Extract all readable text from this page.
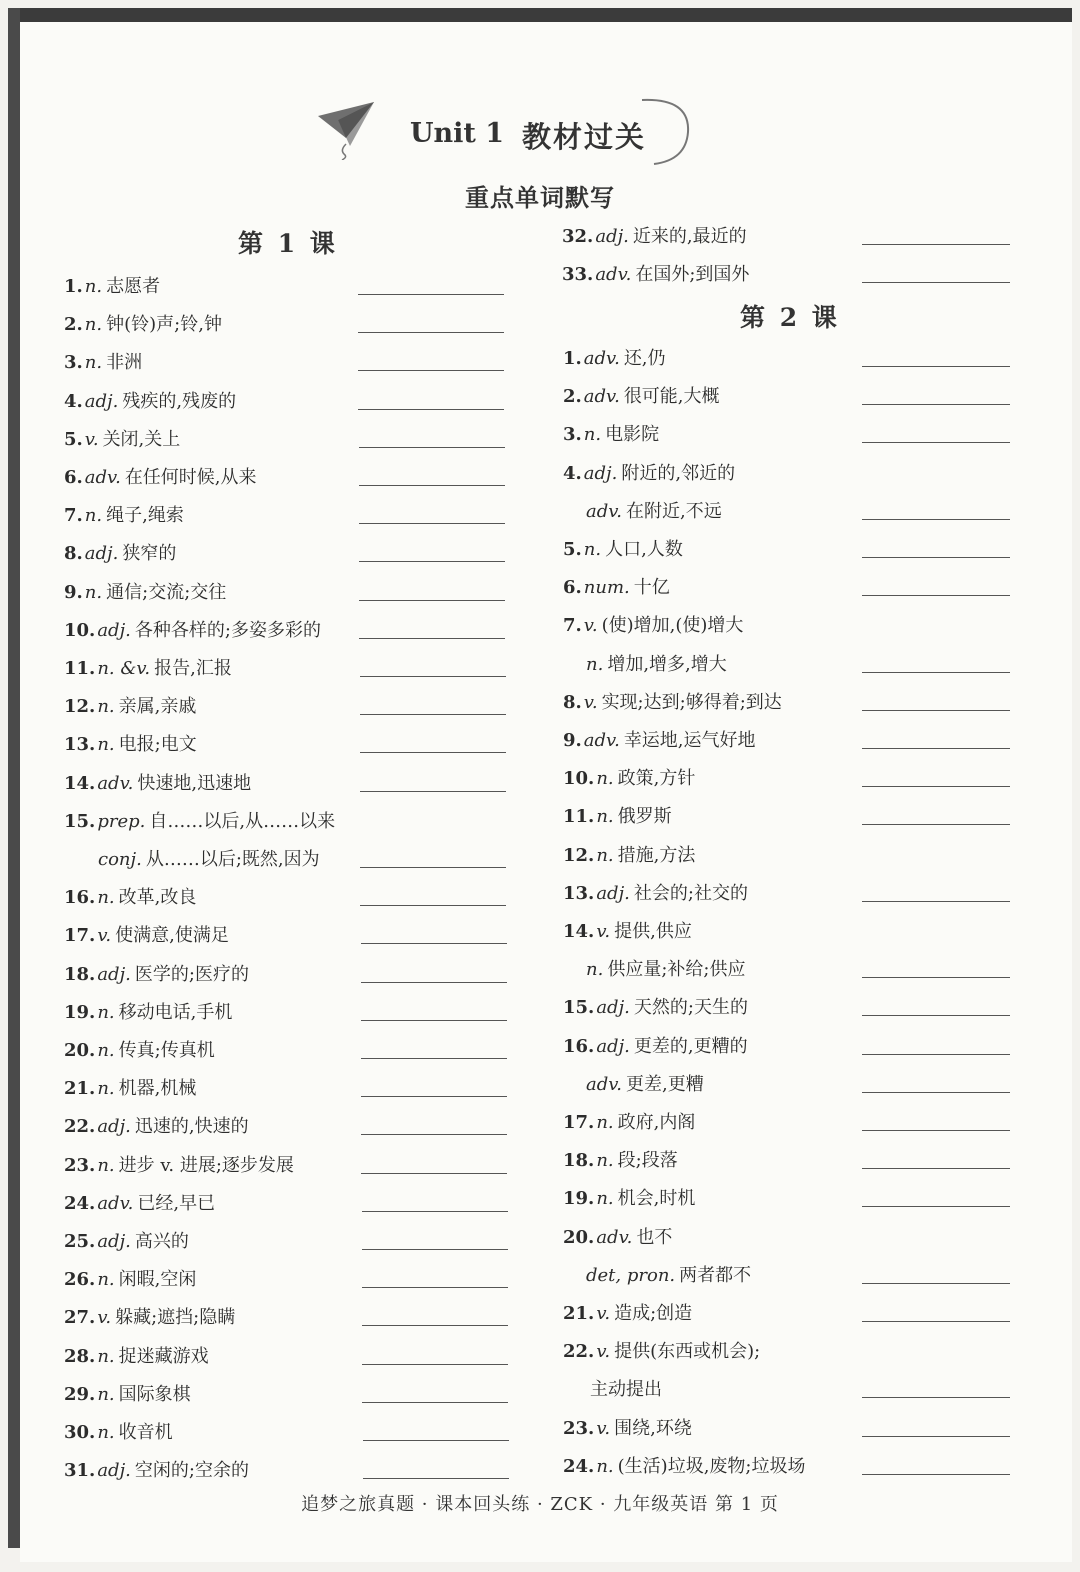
Unit 1 教材过关
重点单词默写
第 1 课
1. n. 志愿者
2. n. 钟(铃)声;铃,钟
3. n. 非洲
4. adj. 残疾的,残废的
5. v. 关闭,关上
6. adv. 在任何时候,从来
7. n. 绳子,绳索
8. adj. 狭窄的
9. n. 通信;交流;交往
10. adj. 各种各样的;多姿多彩的
11. n. &v. 报告,汇报
12. n. 亲属,亲戚
13. n. 电报;电文
14. adv. 快速地,迅速地
15. prep. 自……以后,从……以来
conj. 从……以后;既然,因为
16. n. 改革,改良
17. v. 使满意,使满足
18. adj. 医学的;医疗的
19. n. 移动电话,手机
20. n. 传真;传真机
21. n. 机器,机械
22. adj. 迅速的,快速的
23. n. 进步 v. 进展;逐步发展
24. adv. 已经,早已
25. adj. 高兴的
26. n. 闲暇,空闲
27. v. 躲藏;遮挡;隐瞒
28. n. 捉迷藏游戏
29. n. 国际象棋
30. n. 收音机
31. adj. 空闲的;空余的
32. adj. 近来的,最近的
33. adv. 在国外;到国外
第 2 课
1. adv. 还,仍
2. adv. 很可能,大概
3. n. 电影院
4. adj. 附近的,邻近的
adv. 在附近,不远
5. n. 人口,人数
6. num. 十亿
7. v. (使)增加,(使)增大
n. 增加,增多,增大
8. v. 实现;达到;够得着;到达
9. adv. 幸运地,运气好地
10. n. 政策,方针
11. n. 俄罗斯
12. n. 措施,方法
13. adj. 社会的;社交的
14. v. 提供,供应
n. 供应量;补给;供应
15. adj. 天然的;天生的
16. adj. 更差的,更糟的
adv. 更差,更糟
17. n. 政府,内阁
18. n. 段;段落
19. n. 机会,时机
20. adv. 也不
det, pron. 两者都不
21. v. 造成;创造
22. v. 提供(东西或机会);
主动提出
23. v. 围绕,环绕
24. n. (生活)垃圾,废物;垃圾场
追梦之旅真题 · 课本回头练 · ZCK · 九年级英语 第 1 页
